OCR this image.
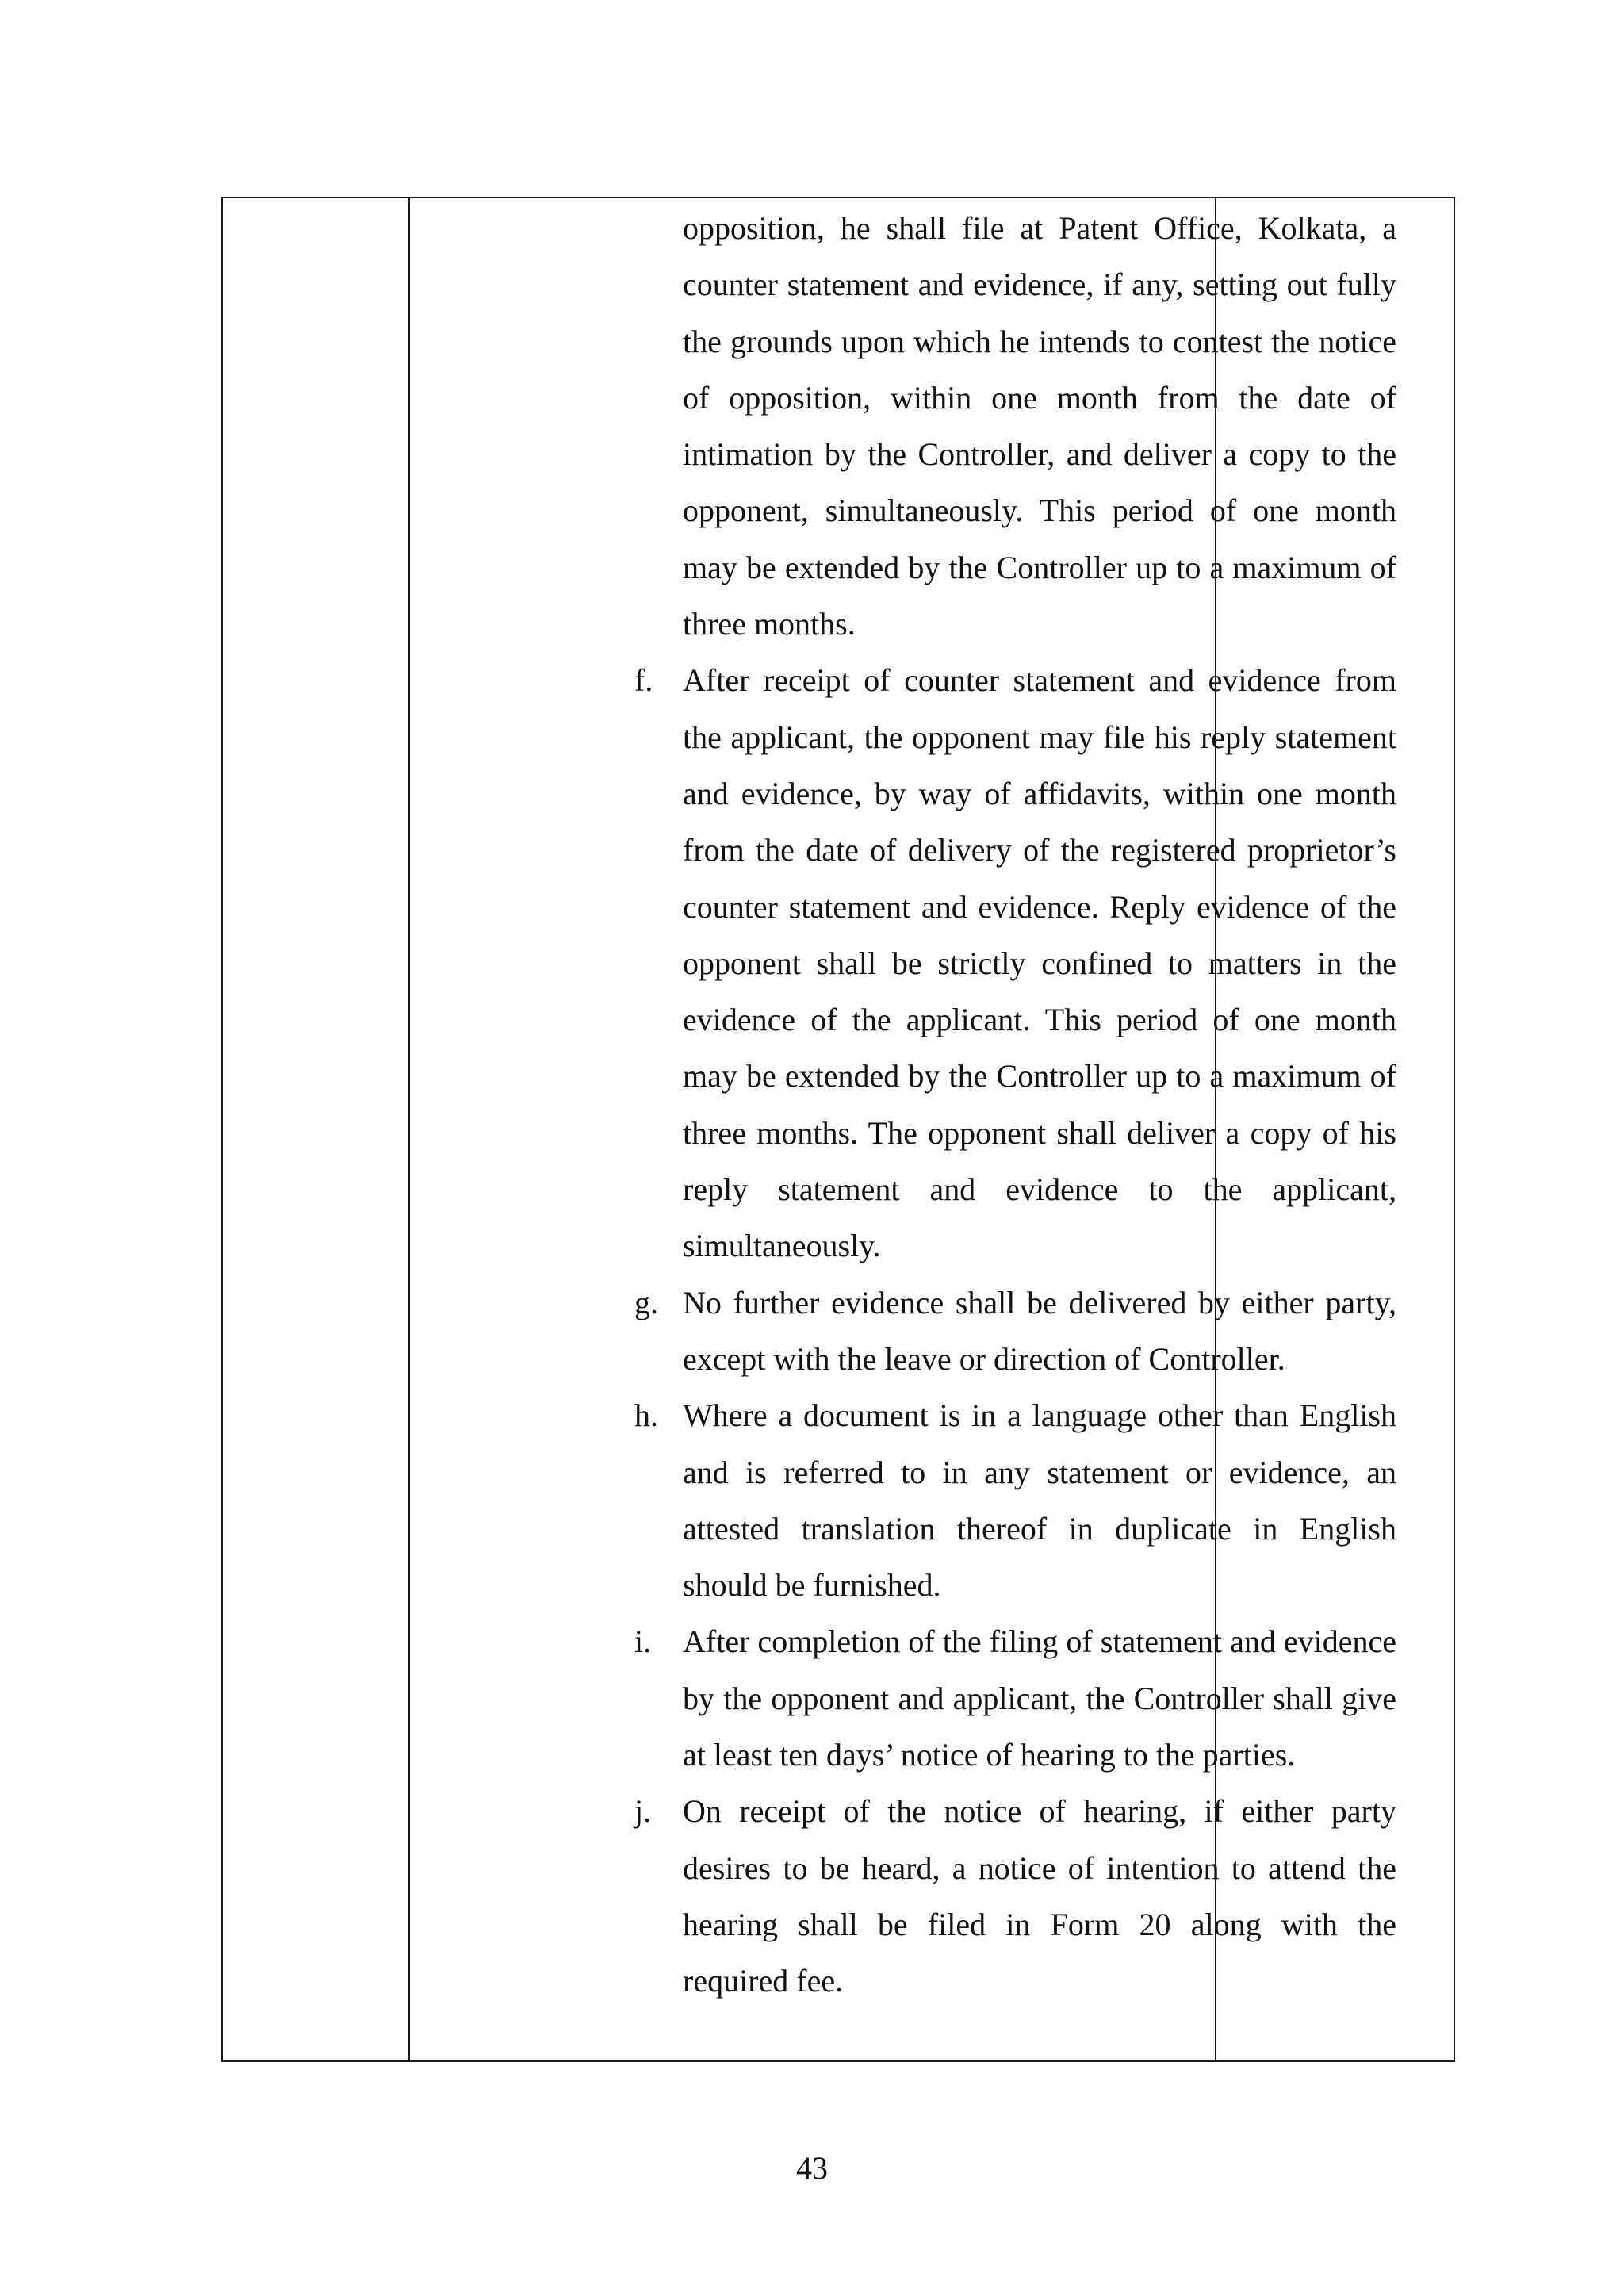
opposition, he shall file at Patent Office, Kolkata, a counter statement and evidence, if any, setting out fully the grounds upon which he intends to contest the notice of opposition, within one month from the date of intimation by the Controller, and deliver a copy to the opponent, simultaneously. This period of one month may be extended by the Controller up to a maximum of three months.
f. After receipt of counter statement and evidence from the applicant, the opponent may file his reply statement and evidence, by way of affidavits, within one month from the date of delivery of the registered proprietor’s counter statement and evidence. Reply evidence of the opponent shall be strictly confined to matters in the evidence of the applicant. This period of one month may be extended by the Controller up to a maximum of three months. The opponent shall deliver a copy of his reply statement and evidence to the applicant, simultaneously.
g. No further evidence shall be delivered by either party, except with the leave or direction of Controller.
h. Where a document is in a language other than English and is referred to in any statement or evidence, an attested translation thereof in duplicate in English should be furnished.
i. After completion of the filing of statement and evidence by the opponent and applicant, the Controller shall give at least ten days’ notice of hearing to the parties.
j. On receipt of the notice of hearing, if either party desires to be heard, a notice of intention to attend the hearing shall be filed in Form 20 along with the required fee.
43
